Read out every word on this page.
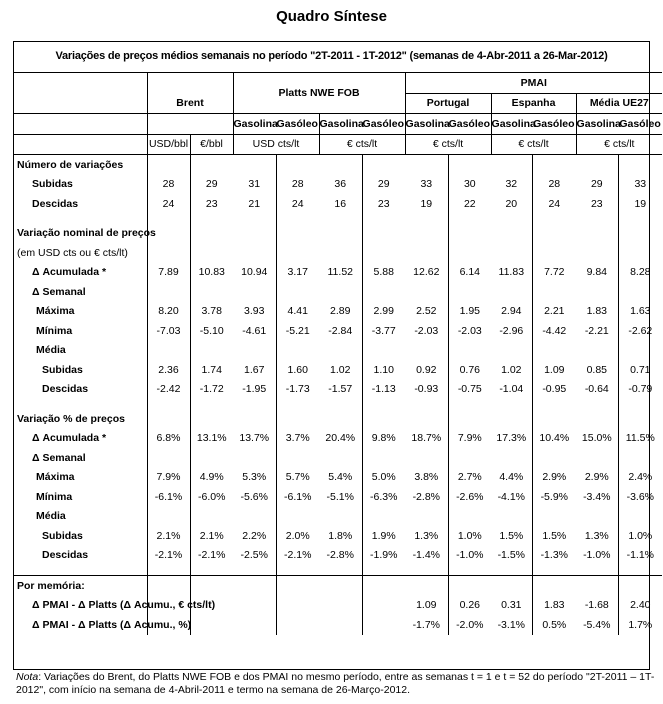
Quadro Síntese
Variações de preços médios semanais no período "2T-2011 - 1T-2012" (semanas de 4-Abr-2011 a 26-Mar-2012)
			Platts NWE FOB				PMAI					
	Brent						Portugal		Espanha		Média UE27	
			Gasolina	Gasóleo	Gasolina	Gasóleo	Gasolina	Gasóleo	Gasolina	Gasóleo	Gasolina	Gasóleo
	USD/bbl	€/bbl	USD cts/lt		€ cts/lt		€ cts/lt		€ cts/lt		€ cts/lt	
Número de variações												
Subidas	28	29	31	28	36	29	33	30	32	28	29	33
Descidas	24	23	21	24	16	23	19	22	20	24	23	19

Variação nominal de preços												
(em USD cts ou € cts/lt)												
Δ Acumulada *	7.89	10.83	10.94	3.17	11.52	5.88	12.62	6.14	11.83	7.72	9.84	8.28
Δ Semanal												
Máxima	8.20	3.78	3.93	4.41	2.89	2.99	2.52	1.95	2.94	2.21	1.83	1.63
Mínima	-7.03	-5.10	-4.61	-5.21	-2.84	-3.77	-2.03	-2.03	-2.96	-4.42	-2.21	-2.62
Média												
Subidas	2.36	1.74	1.67	1.60	1.02	1.10	0.92	0.76	1.02	1.09	0.85	0.71
Descidas	-2.42	-1.72	-1.95	-1.73	-1.57	-1.13	-0.93	-0.75	-1.04	-0.95	-0.64	-0.79

Variação % de preços												
Δ Acumulada *	6.8%	13.1%	13.7%	3.7%	20.4%	9.8%	18.7%	7.9%	17.3%	10.4%	15.0%	11.5%
Δ Semanal												
Máxima	7.9%	4.9%	5.3%	5.7%	5.4%	5.0%	3.8%	2.7%	4.4%	2.9%	2.9%	2.4%
Mínima	-6.1%	-6.0%	-5.6%	-6.1%	-5.1%	-6.3%	-2.8%	-2.6%	-4.1%	-5.9%	-3.4%	-3.6%
Média												
Subidas	2.1%	2.1%	2.2%	2.0%	1.8%	1.9%	1.3%	1.0%	1.5%	1.5%	1.3%	1.0%
Descidas	-2.1%	-2.1%	-2.5%	-2.1%	-2.8%	-1.9%	-1.4%	-1.0%	-1.5%	-1.3%	-1.0%	-1.1%

Por memória:												
Δ PMAI - Δ Platts (Δ Acumu., € cts/lt)							1.09	0.26	0.31	1.83	-1.68	2.40
Δ PMAI - Δ Platts (Δ Acumu., %)							-1.7%	-2.0%	-3.1%	0.5%	-5.4%	1.7%
Nota: Variações do Brent, do Platts NWE FOB e dos PMAI no mesmo período, entre as semanas t = 1 e t = 52 do período "2T-2011 – 1T-2012", com início na semana de 4-Abril-2011 e termo na semana de 26-Março-2012.
